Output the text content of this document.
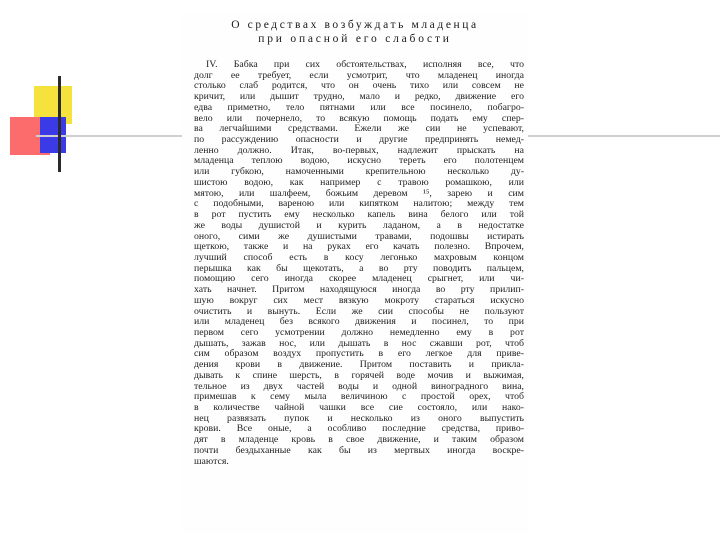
О средствах возбуждать младенца
при опасной его слабости
IV. Бабка при сих обстоятельствах, исполняя все, что
долг ее требует, если усмотрит, что младенец иногда
столько слаб родится, что он очень тихо или совсем не
кричит, или дышит трудно, мало и редко, движение его
едва приметно, тело пятнами или все посинело, побагро-
вело или почернело, то всякую помощь подать ему спер-
ва легчайшими средствами. Ежели же сии не успевают,
по рассуждению опасности и другие предпринять немед-
ленно должно. Итак, во-первых, надлежит прыскать на
младенца теплою водою, искусно тереть его полотенцем
или губкою, намоченными крепительною несколько ду-
шистою водою, как например с травою ромашкою, или
мятою, или шалфеем, божьим деревом ¹⁵, зарею и сим
с подобными, вареною или кипятком налитою; между тем
в рот пустить ему несколько капель вина белого или той
же воды душистой и курить ладаном, а в недостатке
оного, сими же душистыми травами, подошвы истирать
щеткою, также и на руках его качать полезно. Впрочем,
лучший способ есть в косу легонько махровым концом
перышка как бы щекотать, а во рту поводить пальцем,
помощию сего иногда скорее младенец срыгнет, или чи-
хать начнет. Притом находящуюся иногда во рту прилип-
шую вокруг сих мест вязкую мокроту стараться искусно
очистить и вынуть. Если же сии способы не пользуют
или младенец без всякого движения и посинел, то при
первом сего усмотрении должно немедленно ему в рот
дышать, зажав нос, или дышать в нос сжавши рот, чтоб
сим образом воздух пропустить в его легкое для приве-
дения крови в движение. Притом поставить и прикла-
дывать к спине шерсть, в горячей воде мочив и выжимая,
тельное из двух частей воды и одной виноградного вина,
примешав к сему мыла величиною с простой орех, чтоб
в количестве чайной чашки все сие состояло, или нако-
нец развязать пупок и несколько из оного выпустить
крови. Все оные, а особливо последние средства, приво-
дят в младенце кровь в свое движение, и таким образом
почти бездыханные как бы из мертвых иногда воскре-
шаются.
